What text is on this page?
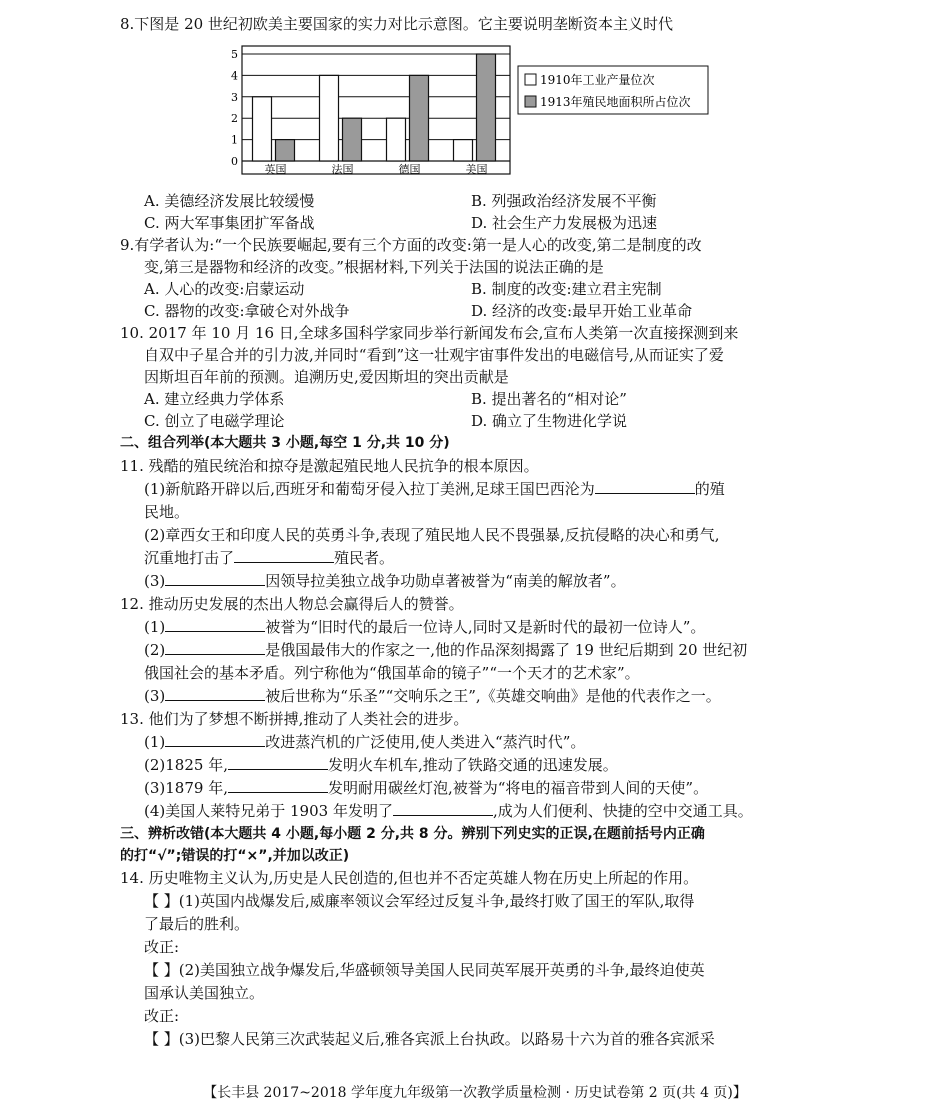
8.下图是 20 世纪初欧美主要国家的实力对比示意图。它主要说明垄断资本主义时代
0
1
2
3
4
5
英国	法国	德国	美国
1910年工业产量位次
1913年殖民地面积所占位次
A. 美德经济发展比较缓慢	B. 列强政治经济发展不平衡
C. 两大军事集团扩军备战	D. 社会生产力发展极为迅速
9.有学者认为:“一个民族要崛起,要有三个方面的改变:第一是人心的改变,第二是制度的改
变,第三是器物和经济的改变。”根据材料,下列关于法国的说法正确的是
A. 人心的改变:启蒙运动	B. 制度的改变:建立君主宪制
C. 器物的改变:拿破仑对外战争	D. 经济的改变:最早开始工业革命
10. 2017 年 10 月 16 日,全球多国科学家同步举行新闻发布会,宣布人类第一次直接探测到来
自双中子星合并的引力波,并同时“看到”这一壮观宇宙事件发出的电磁信号,从而证实了爱
因斯坦百年前的预测。追溯历史,爱因斯坦的突出贡献是
A. 建立经典力学体系	B. 提出著名的“相对论”
C. 创立了电磁学理论	D. 确立了生物进化学说
二、组合列举(本大题共 3 小题,每空 1 分,共 10 分)
11. 残酷的殖民统治和掠夺是激起殖民地人民抗争的根本原因。
(1)新航路开辟以后,西班牙和葡萄牙侵入拉丁美洲,足球王国巴西沦为	的殖
民地。
(2)章西女王和印度人民的英勇斗争,表现了殖民地人民不畏强暴,反抗侵略的决心和勇气,
沉重地打击了	殖民者。
(3)	因领导拉美独立战争功勋卓著被誉为“南美的解放者”。
12. 推动历史发展的杰出人物总会赢得后人的赞誉。
(1)	被誉为“旧时代的最后一位诗人,同时又是新时代的最初一位诗人”。
(2)	是俄国最伟大的作家之一,他的作品深刻揭露了 19 世纪后期到 20 世纪初
俄国社会的基本矛盾。列宁称他为“俄国革命的镜子”“一个天才的艺术家”。
(3)	被后世称为“乐圣”“交响乐之王”,《英雄交响曲》是他的代表作之一。
13. 他们为了梦想不断拼搏,推动了人类社会的进步。
(1)	改进蒸汽机的广泛使用,使人类进入“蒸汽时代”。
(2)1825 年,	发明火车机车,推动了铁路交通的迅速发展。
(3)1879 年,	发明耐用碳丝灯泡,被誉为“将电的福音带到人间的天使”。
(4)美国人莱特兄弟于 1903 年发明了	,成为人们便利、快捷的空中交通工具。
三、辨析改错(本大题共 4 小题,每小题 2 分,共 8 分。辨别下列史实的正误,在题前括号内正确
的打“√”;错误的打“×”,并加以改正)
14. 历史唯物主义认为,历史是人民创造的,但也并不否定英雄人物在历史上所起的作用。
【 】(1)英国内战爆发后,威廉率领议会军经过反复斗争,最终打败了国王的军队,取得
了最后的胜利。
改正:
【 】(2)美国独立战争爆发后,华盛顿领导美国人民同英军展开英勇的斗争,最终迫使英
国承认美国独立。
改正:
【 】(3)巴黎人民第三次武装起义后,雅各宾派上台执政。以路易十六为首的雅各宾派采
【长丰县 2017~2018 学年度九年级第一次教学质量检测 · 历史试卷第 2 页(共 4 页)】
